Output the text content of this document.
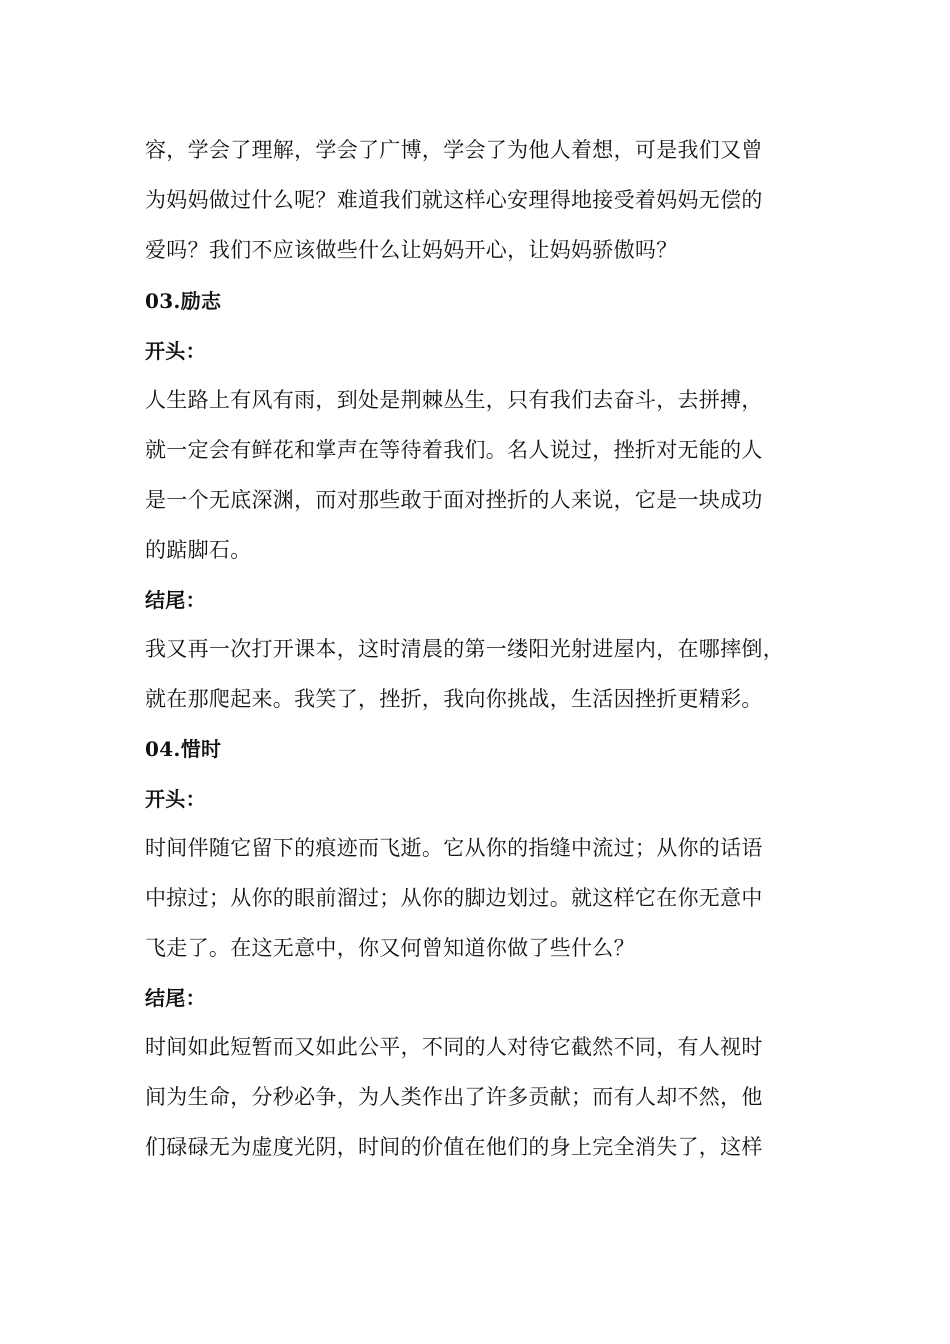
容，学会了理解，学会了广博，学会了为他人着想，可是我们又曾
为妈妈做过什么呢？难道我们就这样心安理得地接受着妈妈无偿的
爱吗？我们不应该做些什么让妈妈开心，让妈妈骄傲吗？
03.励志
开头：
人生路上有风有雨，到处是荆棘丛生，只有我们去奋斗，去拼搏，
就一定会有鲜花和掌声在等待着我们。名人说过，挫折对无能的人
是一个无底深渊，而对那些敢于面对挫折的人来说，它是一块成功
的踮脚石。
结尾：
我又再一次打开课本，这时清晨的第一缕阳光射进屋内，在哪摔倒，
就在那爬起来。我笑了，挫折，我向你挑战，生活因挫折更精彩。
04.惜时
开头：
时间伴随它留下的痕迹而飞逝。它从你的指缝中流过；从你的话语
中掠过；从你的眼前溜过；从你的脚边划过。就这样它在你无意中
飞走了。在这无意中，你又何曾知道你做了些什么？
结尾：
时间如此短暂而又如此公平，不同的人对待它截然不同，有人视时
间为生命，分秒必争，为人类作出了许多贡献；而有人却不然，他
们碌碌无为虚度光阴，时间的价值在他们的身上完全消失了，这样
